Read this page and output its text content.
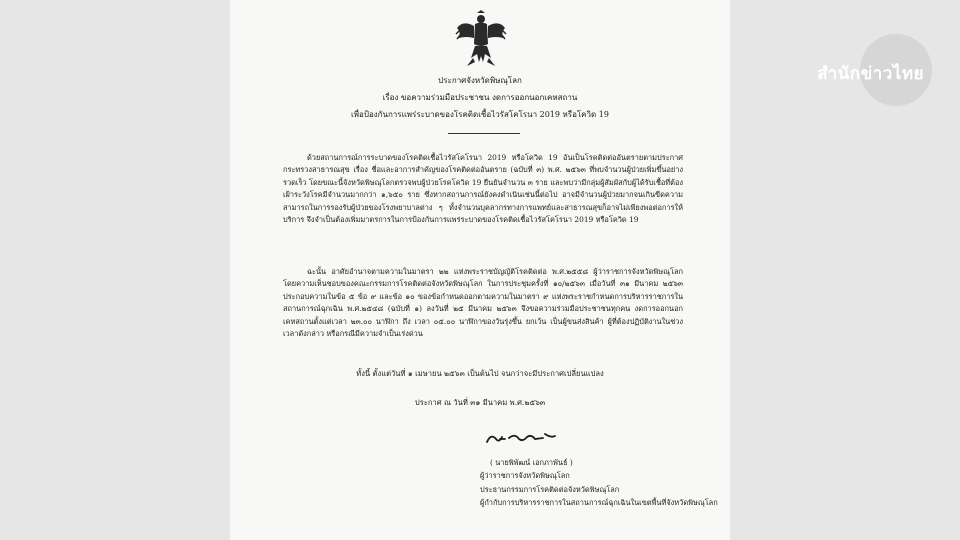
สำนักข่าวไทย
ประกาศจังหวัดพิษณุโลก
เรื่อง ขอความร่วมมือประชาชน งดการออกนอกเคหสถาน
เพื่อป้องกันการแพร่ระบาดของโรคติดเชื้อไวรัสโคโรนา 2019 หรือโควิด 19
ด้วยสถานการณ์การระบาดของโรคติดเชื้อไวรัสโคโรนา 2019 หรือโควิด 19 อันเป็นโรคติดต่ออันตรายตามประกาศกระทรวงสาธารณสุข เรื่อง ชื่อและอาการสำคัญของโรคติดต่ออันตราย (ฉบับที่ ๓) พ.ศ. ๒๕๖๓ ที่พบจำนวนผู้ป่วยเพิ่มขึ้นอย่างรวดเร็ว โดยขณะนี้จังหวัดพิษณุโลกตรวจพบผู้ป่วยโรคโควิด 19 ยืนยันจำนวน ๓ ราย และพบว่ามีกลุ่มผู้สัมผัสกับผู้ได้รับเชื้อที่ต้องเฝ้าระวังโรคมีจำนวนมากกว่า ๑,๖๕๐ ราย ซึ่งหากสถานการณ์ยังคงดำเนินเช่นนี้ต่อไป อาจมีจำนวนผู้ป่วยมากจนเกินขีดความสามารถในการรองรับผู้ป่วยของโรงพยาบาลต่าง ๆ ทั้งจำนวนบุคลากรทางการแพทย์และสาธารณสุขก็อาจไม่เพียงพอต่อการให้บริการ จึงจำเป็นต้องเพิ่มมาตรการในการป้องกันการแพร่ระบาดของโรคติดเชื้อไวรัสโคโรนา 2019 หรือโควิด 19
ฉะนั้น อาศัยอำนาจตามความในมาตรา ๒๒ แห่งพระราชบัญญัติโรคติดต่อ พ.ศ.๒๕๕๘ ผู้ว่าราชการจังหวัดพิษณุโลก โดยความเห็นชอบของคณะกรรมการโรคติดต่อจังหวัดพิษณุโลก ในการประชุมครั้งที่ ๑๐/๒๕๖๓ เมื่อวันที่ ๓๑ มีนาคม ๒๕๖๓ ประกอบความในข้อ ๕ ข้อ ๙ และข้อ ๑๐ ของข้อกำหนดออกตามความในมาตรา ๙ แห่งพระราชกำหนดการบริหารราชการในสถานการณ์ฉุกเฉิน พ.ศ.๒๕๔๘ (ฉบับที่ ๑) ลงวันที่ ๒๕ มีนาคม ๒๕๖๓ จึงขอความร่วมมือประชาชนทุกคน งดการออกนอกเคหสถานตั้งแต่เวลา ๒๓.๐๐ นาฬิกา ถึง เวลา ๐๕.๐๐ นาฬิกาของวันรุ่งขึ้น ยกเว้น เป็นผู้ขนส่งสินค้า ผู้ที่ต้องปฏิบัติงานในช่วงเวลาดังกล่าว หรือกรณีมีความจำเป็นเร่งด่วน
ทั้งนี้ ตั้งแต่วันที่ ๑ เมษายน ๒๕๖๓ เป็นต้นไป จนกว่าจะมีประกาศเปลี่ยนแปลง
ประกาศ ณ วันที่ ๓๑ มีนาคม พ.ศ.๒๕๖๓
( นายพิพัฒน์ เอกภาพันธ์ )
ผู้ว่าราชการจังหวัดพิษณุโลก
ประธานกรรมการโรคติดต่อจังหวัดพิษณุโลก
ผู้กำกับการบริหารราชการในสถานการณ์ฉุกเฉินในเขตพื้นที่จังหวัดพิษณุโลก
